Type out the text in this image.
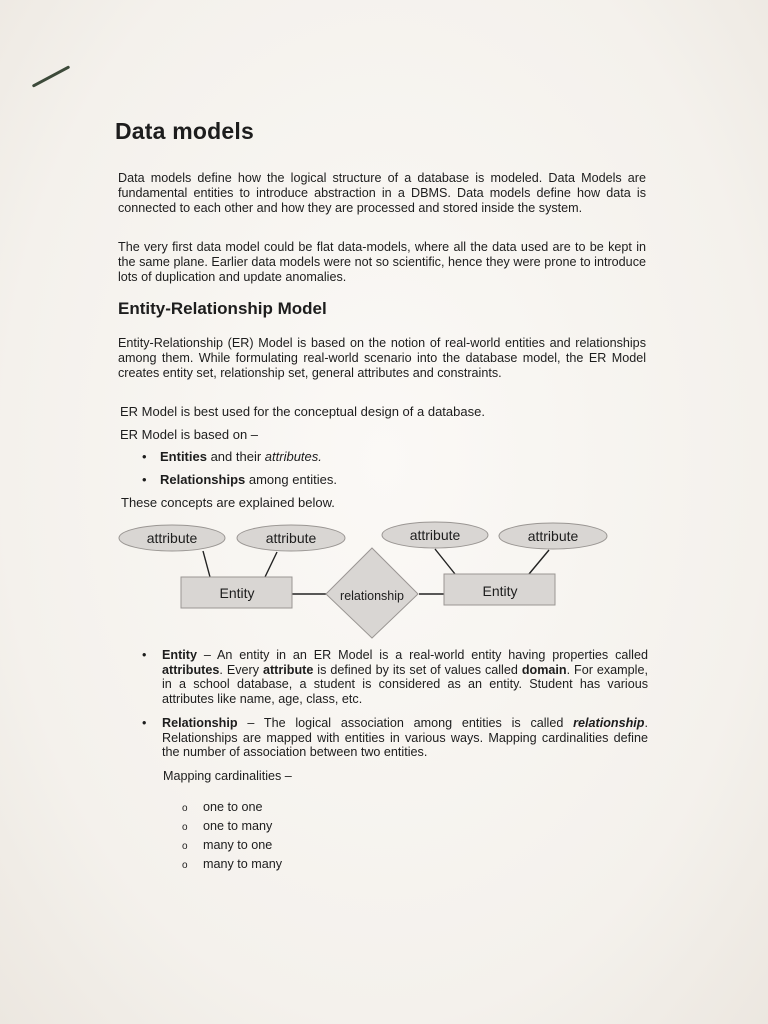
Data models

Data models define how the logical structure of a database is modeled. Data Models are fundamental entities to introduce abstraction in a DBMS. Data models define how data is connected to each other and how they are processed and stored inside the system.

The very first data model could be flat data-models, where all the data used are to be kept in the same plane. Earlier data models were not so scientific, hence they were prone to introduce lots of duplication and update anomalies.

Entity-Relationship Model

Entity-Relationship (ER) Model is based on the notion of real-world entities and relationships among them. While formulating real-world scenario into the database model, the ER Model creates entity set, relationship set, general attributes and constraints.

ER Model is best used for the conceptual design of a database.

ER Model is based on –

• Entities and their attributes.

• Relationships among entities.

These concepts are explained below.

attribute	attribute	attribute	attribute
Entity	Entity
relationship

• Entity – An entity in an ER Model is a real-world entity having properties called attributes. Every attribute is defined by its set of values called domain. For example, in a school database, a student is considered as an entity. Student has various attributes like name, age, class, etc.

• Relationship – The logical association among entities is called relationship. Relationships are mapped with entities in various ways. Mapping cardinalities define the number of association between two entities.

Mapping cardinalities –

o one to one

o one to many

o many to one

o many to many
